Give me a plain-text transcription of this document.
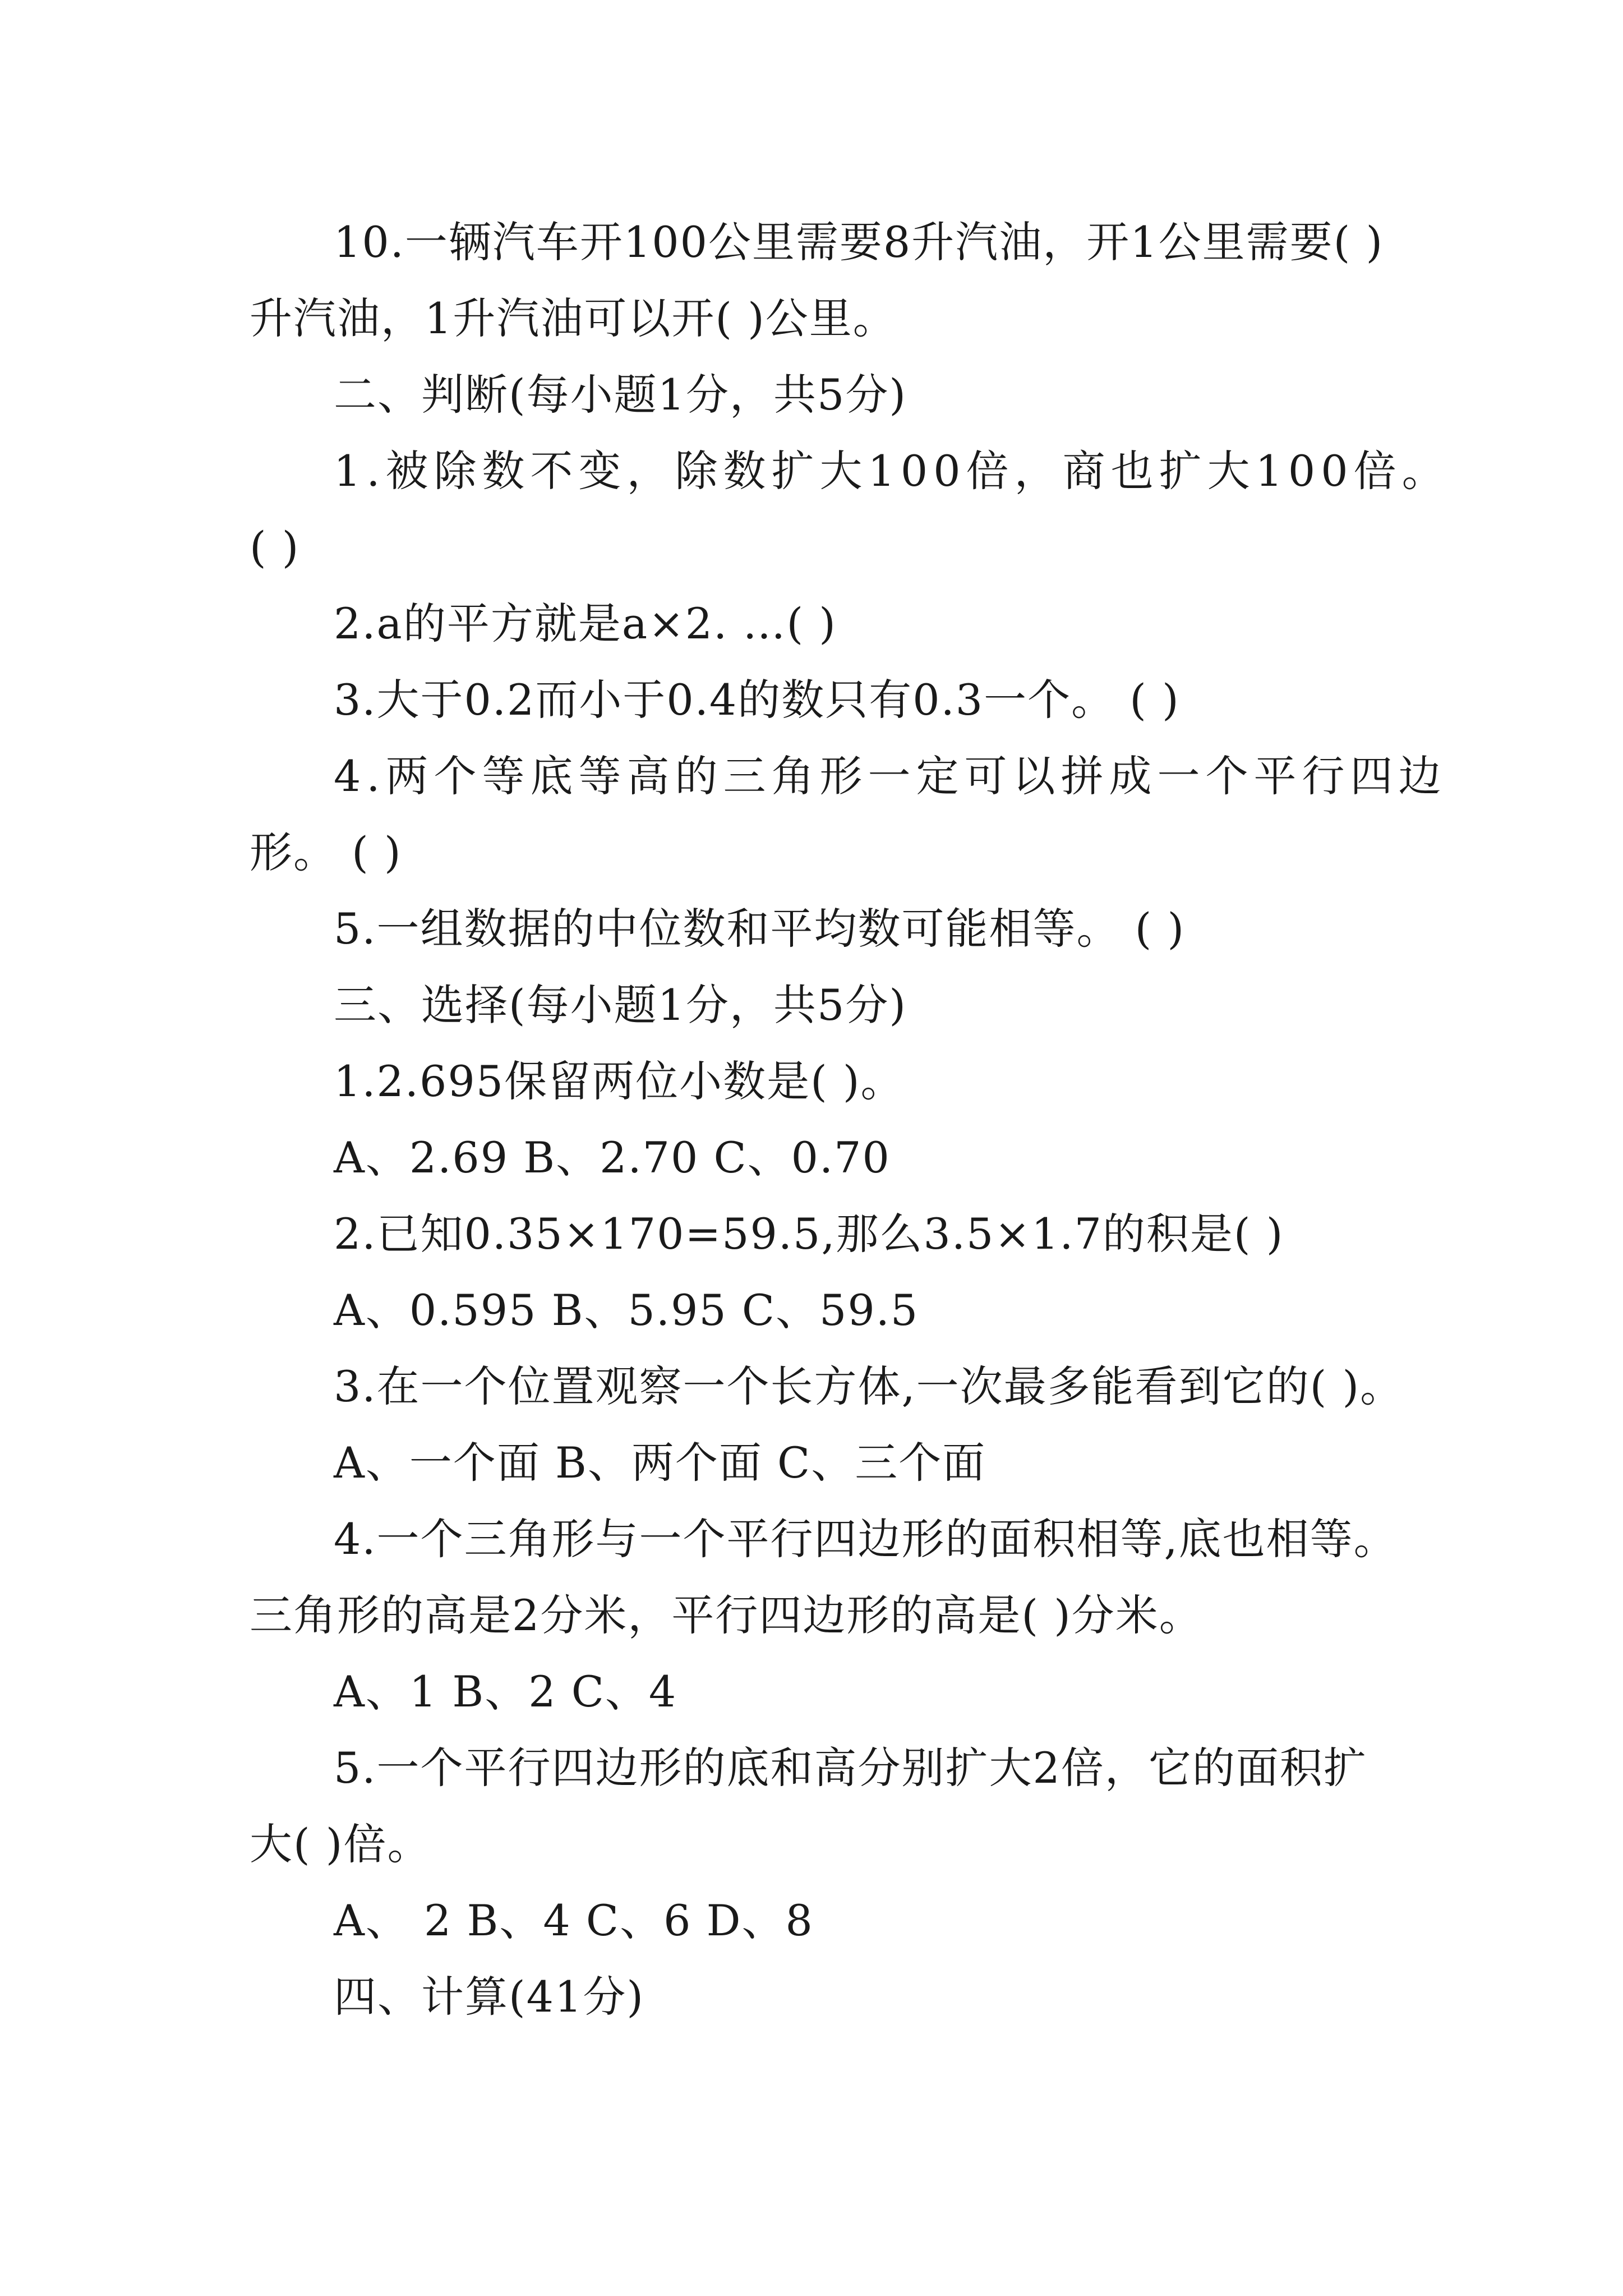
10.一辆汽车开100公里需要8升汽油，开1公里需要( )
升汽油，1升汽油可以开( )公里。
二、判断(每小题1分，共5分)
1.被除数不变，除数扩大100倍，商也扩大100倍。
( )
2.a的平方就是a×2. …( )
3.大于0.2而小于0.4的数只有0.3一个。 ( )
4.两个等底等高的三角形一定可以拼成一个平行四边
形。 ( )
5.一组数据的中位数和平均数可能相等。 ( )
三、选择(每小题1分，共5分)
1.2.695保留两位小数是( )。
A、2.69 B、2.70 C、0.70
2.已知0.35×170=59.5,那么3.5×1.7的积是( )
A、0.595 B、5.95 C、59.5
3.在一个位置观察一个长方体,一次最多能看到它的( )。
A、一个面 B、两个面 C、三个面
4.一个三角形与一个平行四边形的面积相等,底也相等。
三角形的高是2分米，平行四边形的高是( )分米。
A、1 B、2 C、4
5.一个平行四边形的底和高分别扩大2倍，它的面积扩
大( )倍。
A、 2 B、4 C、6 D、8
四、计算(41分)
